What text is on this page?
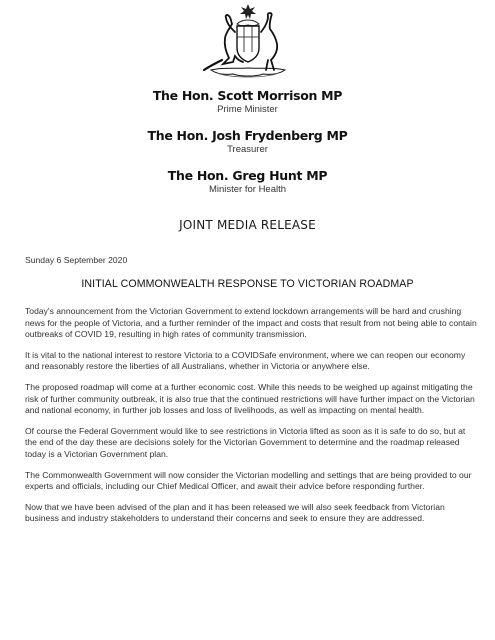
The Hon. Scott Morrison MP
Prime Minister
The Hon. Josh Frydenberg MP
Treasurer
The Hon. Greg Hunt MP
Minister for Health
JOINT MEDIA RELEASE
Sunday 6 September 2020
INITIAL COMMONWEALTH RESPONSE TO VICTORIAN ROADMAP

Today's announcement from the Victorian Government to extend lockdown arrangements will be hard and crushing news for the people of Victoria, and a further reminder of the impact and costs that result from not being able to contain outbreaks of COVID 19, resulting in high rates of community transmission.

It is vital to the national interest to restore Victoria to a COVIDSafe environment, where we can reopen our economy and reasonably restore the liberties of all Australians, whether in Victoria or anywhere else.

The proposed roadmap will come at a further economic cost. While this needs to be weighed up against mitigating the risk of further community outbreak, it is also true that the continued restrictions will have further impact on the Victorian and national economy, in further job losses and loss of livelihoods, as well as impacting on mental health.

Of course the Federal Government would like to see restrictions in Victoria lifted as soon as it is safe to do so, but at the end of the day these are decisions solely for the Victorian Government to determine and the roadmap released today is a Victorian Government plan.

The Commonwealth Government will now consider the Victorian modelling and settings that are being provided to our experts and officials, including our Chief Medical Officer, and await their advice before responding further.

Now that we have been advised of the plan and it has been released we will also seek feedback from Victorian business and industry stakeholders to understand their concerns and seek to ensure they are addressed.
